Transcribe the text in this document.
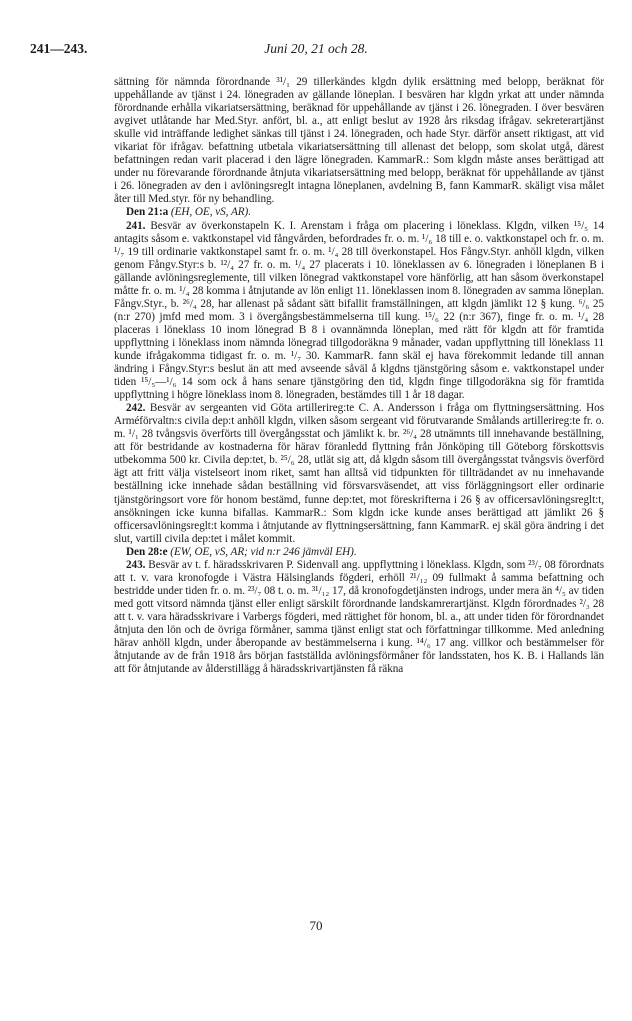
241—243.	Juni 20, 21 och 28.

sättning för nämnda förordnande ³¹/₁ 29 tillerkändes klgdn dylik ersättning med belopp, beräknat för uppehållande av tjänst i 24. lönegraden av gällande löneplan. I besvären har klgdn yrkat att under nämnda förordnande erhålla vikariatsersättning, beräknad för uppehållande av tjänst i 26. lönegraden. I över besvären avgivet utlåtande har Med.Styr. anfört, bl. a., att enligt beslut av 1928 års riksdag ifrågav. sekreterartjänst skulle vid inträffande ledighet sänkas till tjänst i 24. lönegraden, och hade Styr. därför ansett riktigast, att vid vikariat för ifrågav. befattning utbetala vikariatsersättning till allenast det belopp, som skolat utgå, därest befattningen redan varit placerad i den lägre lönegraden. KammarR.: Som klgdn måste anses berättigad att under nu förevarande förordnande åtnjuta vikariatsersättning med belopp, beräknat för uppehållande av tjänst i 26. lönegraden av den i avlöningsreglt intagna löneplanen, avdelning B, fann KammarR. skäligt visa målet åter till Med.styr. för ny behandling.

Den 21:a (EH, OE, vS, AR).

241. Besvär av överkonstapeln K. I. Arenstam i fråga om placering i löneklass. Klgdn, vilken ¹⁵/₅ 14 antagits såsom e. vaktkonstapel vid fångvården, befordrades fr. o. m. ¹/₆ 18 till e. o. vaktkonstapel och fr. o. m. ¹/₇ 19 till ordinarie vaktkonstapel samt fr. o. m. ¹/₄ 28 till överkonstapel. Hos Fångv.Styr. anhöll klgdn, vilken genom Fångv.Styr:s b. ¹²/₄ 27 fr. o. m. ¹/₄ 27 placerats i 10. löneklassen av 6. lönegraden i löneplanen B i gällande avlöningsreglemente, till vilken lönegrad vaktkonstapel vore hänförlig, att han såsom överkonstapel måtte fr. o. m. ¹/₄ 28 komma i åtnjutande av lön enligt 11. löneklassen inom 8. lönegraden av samma löneplan. Fångv.Styr., b. ²⁶/₄ 28, har allenast på sådant sätt bifallit framställningen, att klgdn jämlikt 12 § kung. ⁶/₆ 25 (n:r 270) jmfd med mom. 3 i övergångsbestämmelserna till kung. ¹⁵/₆ 22 (n:r 367), finge fr. o. m. ¹/₄ 28 placeras i löneklass 10 inom lönegrad B 8 i ovannämnda löneplan, med rätt för klgdn att för framtida uppflyttning i löneklass inom nämnda lönegrad tillgodoräkna 9 månader, vadan uppflyttning till löneklass 11 kunde ifrågakomma tidigast fr. o. m. ¹/₇ 30. KammarR. fann skäl ej hava förekommit ledande till annan ändring i Fångv.Styr:s beslut än att med avseende såväl å klgdns tjänstgöring såsom e. vaktkonstapel under tiden ¹⁵/₅—¹/₆ 14 som ock å hans senare tjänstgöring den tid, klgdn finge tillgodoräkna sig för framtida uppflyttning i högre löneklass inom 8. lönegraden, bestämdes till 1 år 18 dagar.

242. Besvär av sergeanten vid Göta artillerireg:te C. A. Andersson i fråga om flyttningsersättning. Hos Arméförvaltn:s civila dep:t anhöll klgdn, vilken såsom sergeant vid förutvarande Smålands artillerireg:te fr. o. m. ¹/₁ 28 tvångsvis överförts till övergångsstat och jämlikt k. br. ²⁶/₄ 28 utnämnts till innehavande beställning, att för bestridande av kostnaderna för härav föranledd flyttning från Jönköping till Göteborg förskottsvis utbekomma 500 kr. Civila dep:tet, b. ²⁵/₆ 28, utlät sig att, då klgdn såsom till övergångsstat tvångsvis överförd ägt att fritt välja vistelseort inom riket, samt han alltså vid tidpunkten för tillträdandet av nu innehavande beställning icke innehade sådan beställning vid försvarsväsendet, att viss förläggningsort eller ordinarie tjänstgöringsort vore för honom bestämd, funne dep:tet, mot föreskrifterna i 26 § av officersavlöningsreglt:t, ansökningen icke kunna bifallas. KammarR.: Som klgdn icke kunde anses berättigad att jämlikt 26 § officersavlöningsreglt:t komma i åtnjutande av flyttningsersättning, fann KammarR. ej skäl göra ändring i det slut, vartill civila dep:tet i målet kommit.

Den 28:e (EW, OE, vS, AR; vid n:r 246 jämväl EH).

243. Besvär av t. f. häradsskrivaren P. Sidenvall ang. uppflyttning i löneklass. Klgdn, som ²³/₇ 08 förordnats att t. v. vara kronofogde i Västra Hälsinglands fögderi, erhöll ²¹/₁₂ 09 fullmakt å samma befattning och bestridde under tiden fr. o. m. ²³/₇ 08 t. o. m. ³¹/₁₂ 17, då kronofogdetjänsten indrogs, under mera än ⁴/₅ av tiden med gott vitsord nämnda tjänst eller enligt särskilt förordnande landskamrerartjänst. Klgdn förordnades ²/₃ 28 att t. v. vara häradsskrivare i Varbergs fögderi, med rättighet för honom, bl. a., att under tiden för förordnandet åtnjuta den lön och de övriga förmåner, samma tjänst enligt stat och författningar tillkomme. Med anledning härav anhöll klgdn, under åberopande av bestämmelserna i kung. ¹⁴/₆ 17 ang. villkor och bestämmelser för åtnjutande av de från 1918 års början fastställda avlöningsförmåner för landsstaten, hos K. B. i Hallands län att för åtnjutande av ålderstillägg å häradsskrivartjänsten få räkna

70
